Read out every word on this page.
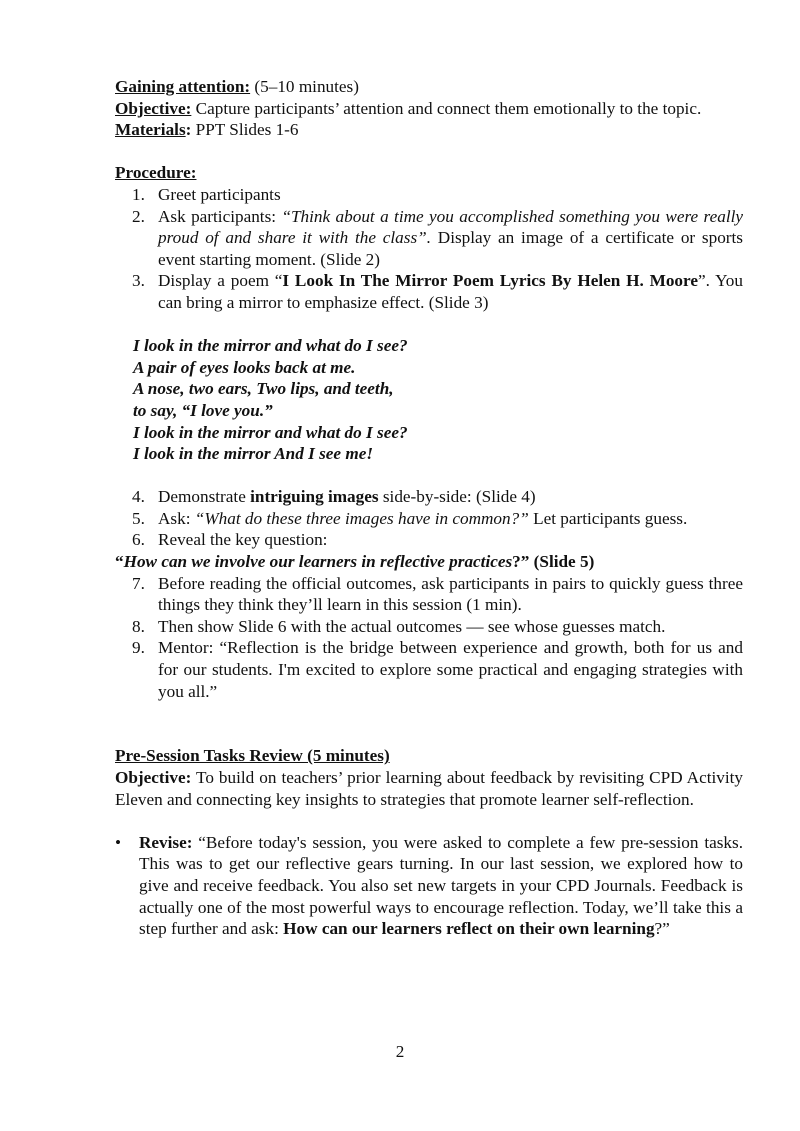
Gaining attention: (5–10 minutes)

Objective: Capture participants’ attention and connect them emotionally to the topic.

Materials: PPT Slides 1-6

Procedure:

1. Greet participants
2. Ask participants: “Think about a time you accomplished something you were really proud of and share it with the class”. Display an image of a certificate or sports event starting moment. (Slide 2)
3. Display a poem “I Look In The Mirror Poem Lyrics By Helen H. Moore”. You can bring a mirror to emphasize effect. (Slide 3)

I look in the mirror and what do I see?

A pair of eyes looks back at me.

A nose, two ears, Two lips, and teeth,

to say, “I love you.”

I look in the mirror and what do I see?

I look in the mirror And I see me!

4. Demonstrate intriguing images side-by-side: (Slide 4)
5. Ask: “What do these three images have in common?” Let participants guess.
6. Reveal the key question:

“How can we involve our learners in reflective practices?” (Slide 5)

7. Before reading the official outcomes, ask participants in pairs to quickly guess three things they think they’ll learn in this session (1 min).
8. Then show Slide 6 with the actual outcomes — see whose guesses match.
9. Mentor: “Reflection is the bridge between experience and growth, both for us and for our students. I'm excited to explore some practical and engaging strategies with you all.”

Pre-Session Tasks Review (5 minutes)

Objective: To build on teachers’ prior learning about feedback by revisiting CPD Activity Eleven and connecting key insights to strategies that promote learner self-reflection.

• Revise: “Before today's session, you were asked to complete a few pre-session tasks. This was to get our reflective gears turning. In our last session, we explored how to give and receive feedback. You also set new targets in your CPD Journals. Feedback is actually one of the most powerful ways to encourage reflection. Today, we’ll take this a step further and ask: How can our learners reflect on their own learning?”
2
